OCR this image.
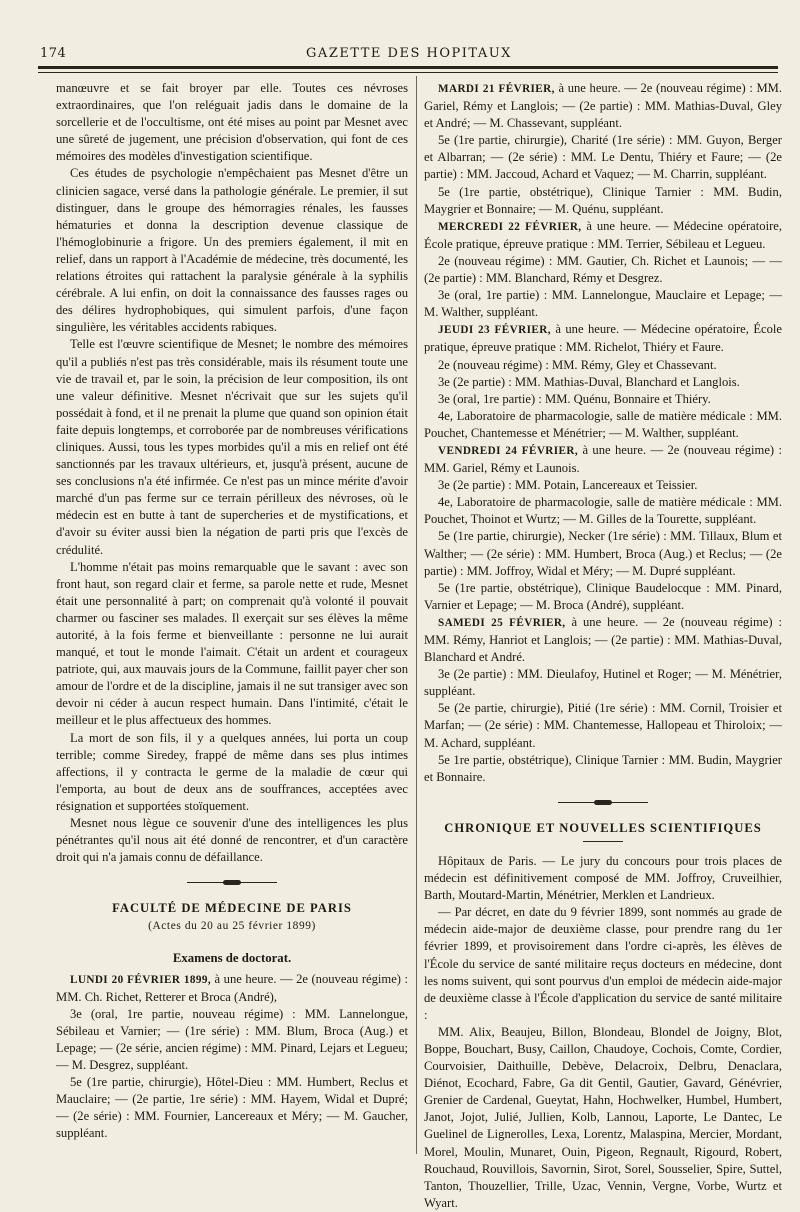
174	GAZETTE DES HOPITAUX

manœuvre et se fait broyer par elle. Toutes ces névroses extraordinaires, que l'on reléguait jadis dans le domaine de la sorcellerie et de l'occultisme, ont été mises au point par Mesnet avec une sûreté de jugement, une précision d'observation, qui font de ces mémoires des modèles d'investigation scientifique.

Ces études de psychologie n'empêchaient pas Mesnet d'être un clinicien sagace, versé dans la pathologie générale. Le premier, il sut distinguer, dans le groupe des hémorragies rénales, les fausses hématuries et donna la description devenue classique de l'hémoglobinurie a frigore. Un des premiers également, il mit en relief, dans un rapport à l'Académie de médecine, très documenté, les relations étroites qui rattachent la paralysie générale à la syphilis cérébrale. A lui enfin, on doit la connaissance des fausses rages ou des délires hydrophobiques, qui simulent parfois, d'une façon singulière, les véritables accidents rabiques.

Telle est l'œuvre scientifique de Mesnet; le nombre des mémoires qu'il a publiés n'est pas très considérable, mais ils résument toute une vie de travail et, par le soin, la précision de leur composition, ils ont une valeur définitive. Mesnet n'écrivait que sur les sujets qu'il possédait à fond, et il ne prenait la plume que quand son opinion était faite depuis longtemps, et corroborée par de nombreuses vérifications cliniques. Aussi, tous les types morbides qu'il a mis en relief ont été sanctionnés par les travaux ultérieurs, et, jusqu'à présent, aucune de ses conclusions n'a été infirmée. Ce n'est pas un mince mérite d'avoir marché d'un pas ferme sur ce terrain périlleux des névroses, où le médecin est en butte à tant de supercheries et de mystifications, et d'avoir su éviter aussi bien la négation de parti pris que l'excès de crédulité.

L'homme n'était pas moins remarquable que le savant : avec son front haut, son regard clair et ferme, sa parole nette et rude, Mesnet était une personnalité à part; on comprenait qu'à volonté il pouvait charmer ou fasciner ses malades. Il exerçait sur ses élèves la même autorité, à la fois ferme et bienveillante : personne ne lui aurait manqué, et tout le monde l'aimait. C'était un ardent et courageux patriote, qui, aux mauvais jours de la Commune, faillit payer cher son amour de l'ordre et de la discipline, jamais il ne sut transiger avec son devoir ni céder à aucun respect humain. Dans l'intimité, c'était le meilleur et le plus affectueux des hommes.

La mort de son fils, il y a quelques années, lui porta un coup terrible; comme Siredey, frappé de même dans ses plus intimes affections, il y contracta le germe de la maladie de cœur qui l'emporta, au bout de deux ans de souffrances, acceptées avec résignation et supportées stoïquement.

Mesnet nous lègue ce souvenir d'une des intelligences les plus pénétrantes qu'il nous ait été donné de rencontrer, et d'un caractère droit qui n'a jamais connu de défaillance.

FACULTÉ DE MÉDECINE DE PARIS
(Actes du 20 au 25 février 1899)
Examens de doctorat.

LUNDI 20 FÉVRIER 1899, à une heure. — 2e (nouveau régime) : MM. Ch. Richet, Retterer et Broca (André),

3e (oral, 1re partie, nouveau régime) : MM. Lannelongue, Sébileau et Varnier; — (1re série) : MM. Blum, Broca (Aug.) et Lepage; — (2e série, ancien régime) : MM. Pinard, Lejars et Legueu; — M. Desgrez, suppléant.

5e (1re partie, chirurgie), Hôtel-Dieu : MM. Humbert, Reclus et Mauclaire; — (2e partie, 1re série) : MM. Hayem, Widal et Dupré; — (2e série) : MM. Fournier, Lancereaux et Méry; — M. Gaucher, suppléant.

MARDI 21 FÉVRIER, à une heure. — 2e (nouveau régime) : MM. Gariel, Rémy et Langlois; — (2e partie) : MM. Mathias-Duval, Gley et André; — M. Chassevant, suppléant.

5e (1re partie, chirurgie), Charité (1re série) : MM. Guyon, Berger et Albarran; — (2e série) : MM. Le Dentu, Thiéry et Faure; — (2e partie) : MM. Jaccoud, Achard et Vaquez; — M. Charrin, suppléant.

5e (1re partie, obstétrique), Clinique Tarnier : MM. Budin, Maygrier et Bonnaire; — M. Quénu, suppléant.

MERCREDI 22 FÉVRIER, à une heure. — Médecine opératoire, École pratique, épreuve pratique : MM. Terrier, Sébileau et Legueu.

2e (nouveau régime) : MM. Gautier, Ch. Richet et Launois; — — (2e partie) : MM. Blanchard, Rémy et Desgrez.

3e (oral, 1re partie) : MM. Lannelongue, Mauclaire et Lepage; — M. Walther, suppléant.

JEUDI 23 FÉVRIER, à une heure. — Médecine opératoire, École pratique, épreuve pratique : MM. Richelot, Thiéry et Faure.

2e (nouveau régime) : MM. Rémy, Gley et Chassevant.

3e (2e partie) : MM. Mathias-Duval, Blanchard et Langlois.

3e (oral, 1re partie) : MM. Quénu, Bonnaire et Thiéry.

4e, Laboratoire de pharmacologie, salle de matière médicale : MM. Pouchet, Chantemesse et Ménétrier; — M. Walther, suppléant.

VENDREDI 24 FÉVRIER, à une heure. — 2e (nouveau régime) : MM. Gariel, Rémy et Launois.

3e (2e partie) : MM. Potain, Lancereaux et Teissier.

4e, Laboratoire de pharmacologie, salle de matière médicale : MM. Pouchet, Thoinot et Wurtz; — M. Gilles de la Tourette, suppléant.

5e (1re partie, chirurgie), Necker (1re série) : MM. Tillaux, Blum et Walther; — (2e série) : MM. Humbert, Broca (Aug.) et Reclus; — (2e partie) : MM. Joffroy, Widal et Méry; — M. Dupré suppléant.

5e (1re partie, obstétrique), Clinique Baudelocque : MM. Pinard, Varnier et Lepage; — M. Broca (André), suppléant.

SAMEDI 25 FÉVRIER, à une heure. — 2e (nouveau régime) : MM. Rémy, Hanriot et Langlois; — (2e partie) : MM. Mathias-Duval, Blanchard et André.

3e (2e partie) : MM. Dieulafoy, Hutinel et Roger; — M. Ménétrier, suppléant.

5e (2e partie, chirurgie), Pitié (1re série) : MM. Cornil, Troisier et Marfan; — (2e série) : MM. Chantemesse, Hallopeau et Thiroloix; — M. Achard, suppléant.

5e 1re partie, obstétrique), Clinique Tarnier : MM. Budin, Maygrier et Bonnaire.

CHRONIQUE ET NOUVELLES SCIENTIFIQUES

Hôpitaux de Paris. — Le jury du concours pour trois places de médecin est définitivement composé de MM. Joffroy, Cruveilhier, Barth, Moutard-Martin, Ménétrier, Merklen et Landrieux.

— Par décret, en date du 9 février 1899, sont nommés au grade de médecin aide-major de deuxième classe, pour prendre rang du 1er février 1899, et provisoirement dans l'ordre ci-après, les élèves de l'École du service de santé militaire reçus docteurs en médecine, dont les noms suivent, qui sont pourvus d'un emploi de médecin aide-major de deuxième classe à l'École d'application du service de santé militaire :

MM. Alix, Beaujeu, Billon, Blondeau, Blondel de Joigny, Blot, Boppe, Bouchart, Busy, Caillon, Chaudoye, Cochois, Comte, Cordier, Courvoisier, Daithuille, Debève, Delacroix, Delbru, Denaclara, Diénot, Ecochard, Fabre, Ga dit Gentil, Gautier, Gavard, Génévrier, Grenier de Cardenal, Gueytat, Hahn, Hochwelker, Humbel, Humbert, Janot, Jojot, Julié, Jullien, Kolb, Lannou, Laporte, Le Dantec, Le Guelinel de Lignerolles, Lexa, Lorentz, Malaspina, Mercier, Mordant, Morel, Moulin, Munaret, Ouin, Pigeon, Regnault, Rigourd, Robert, Rouchaud, Rouvillois, Savornin, Sirot, Sorel, Sousselier, Spire, Suttel, Tanton, Thouzellier, Trille, Uzac, Vennin, Vergne, Vorbe, Wurtz et Wyart.
